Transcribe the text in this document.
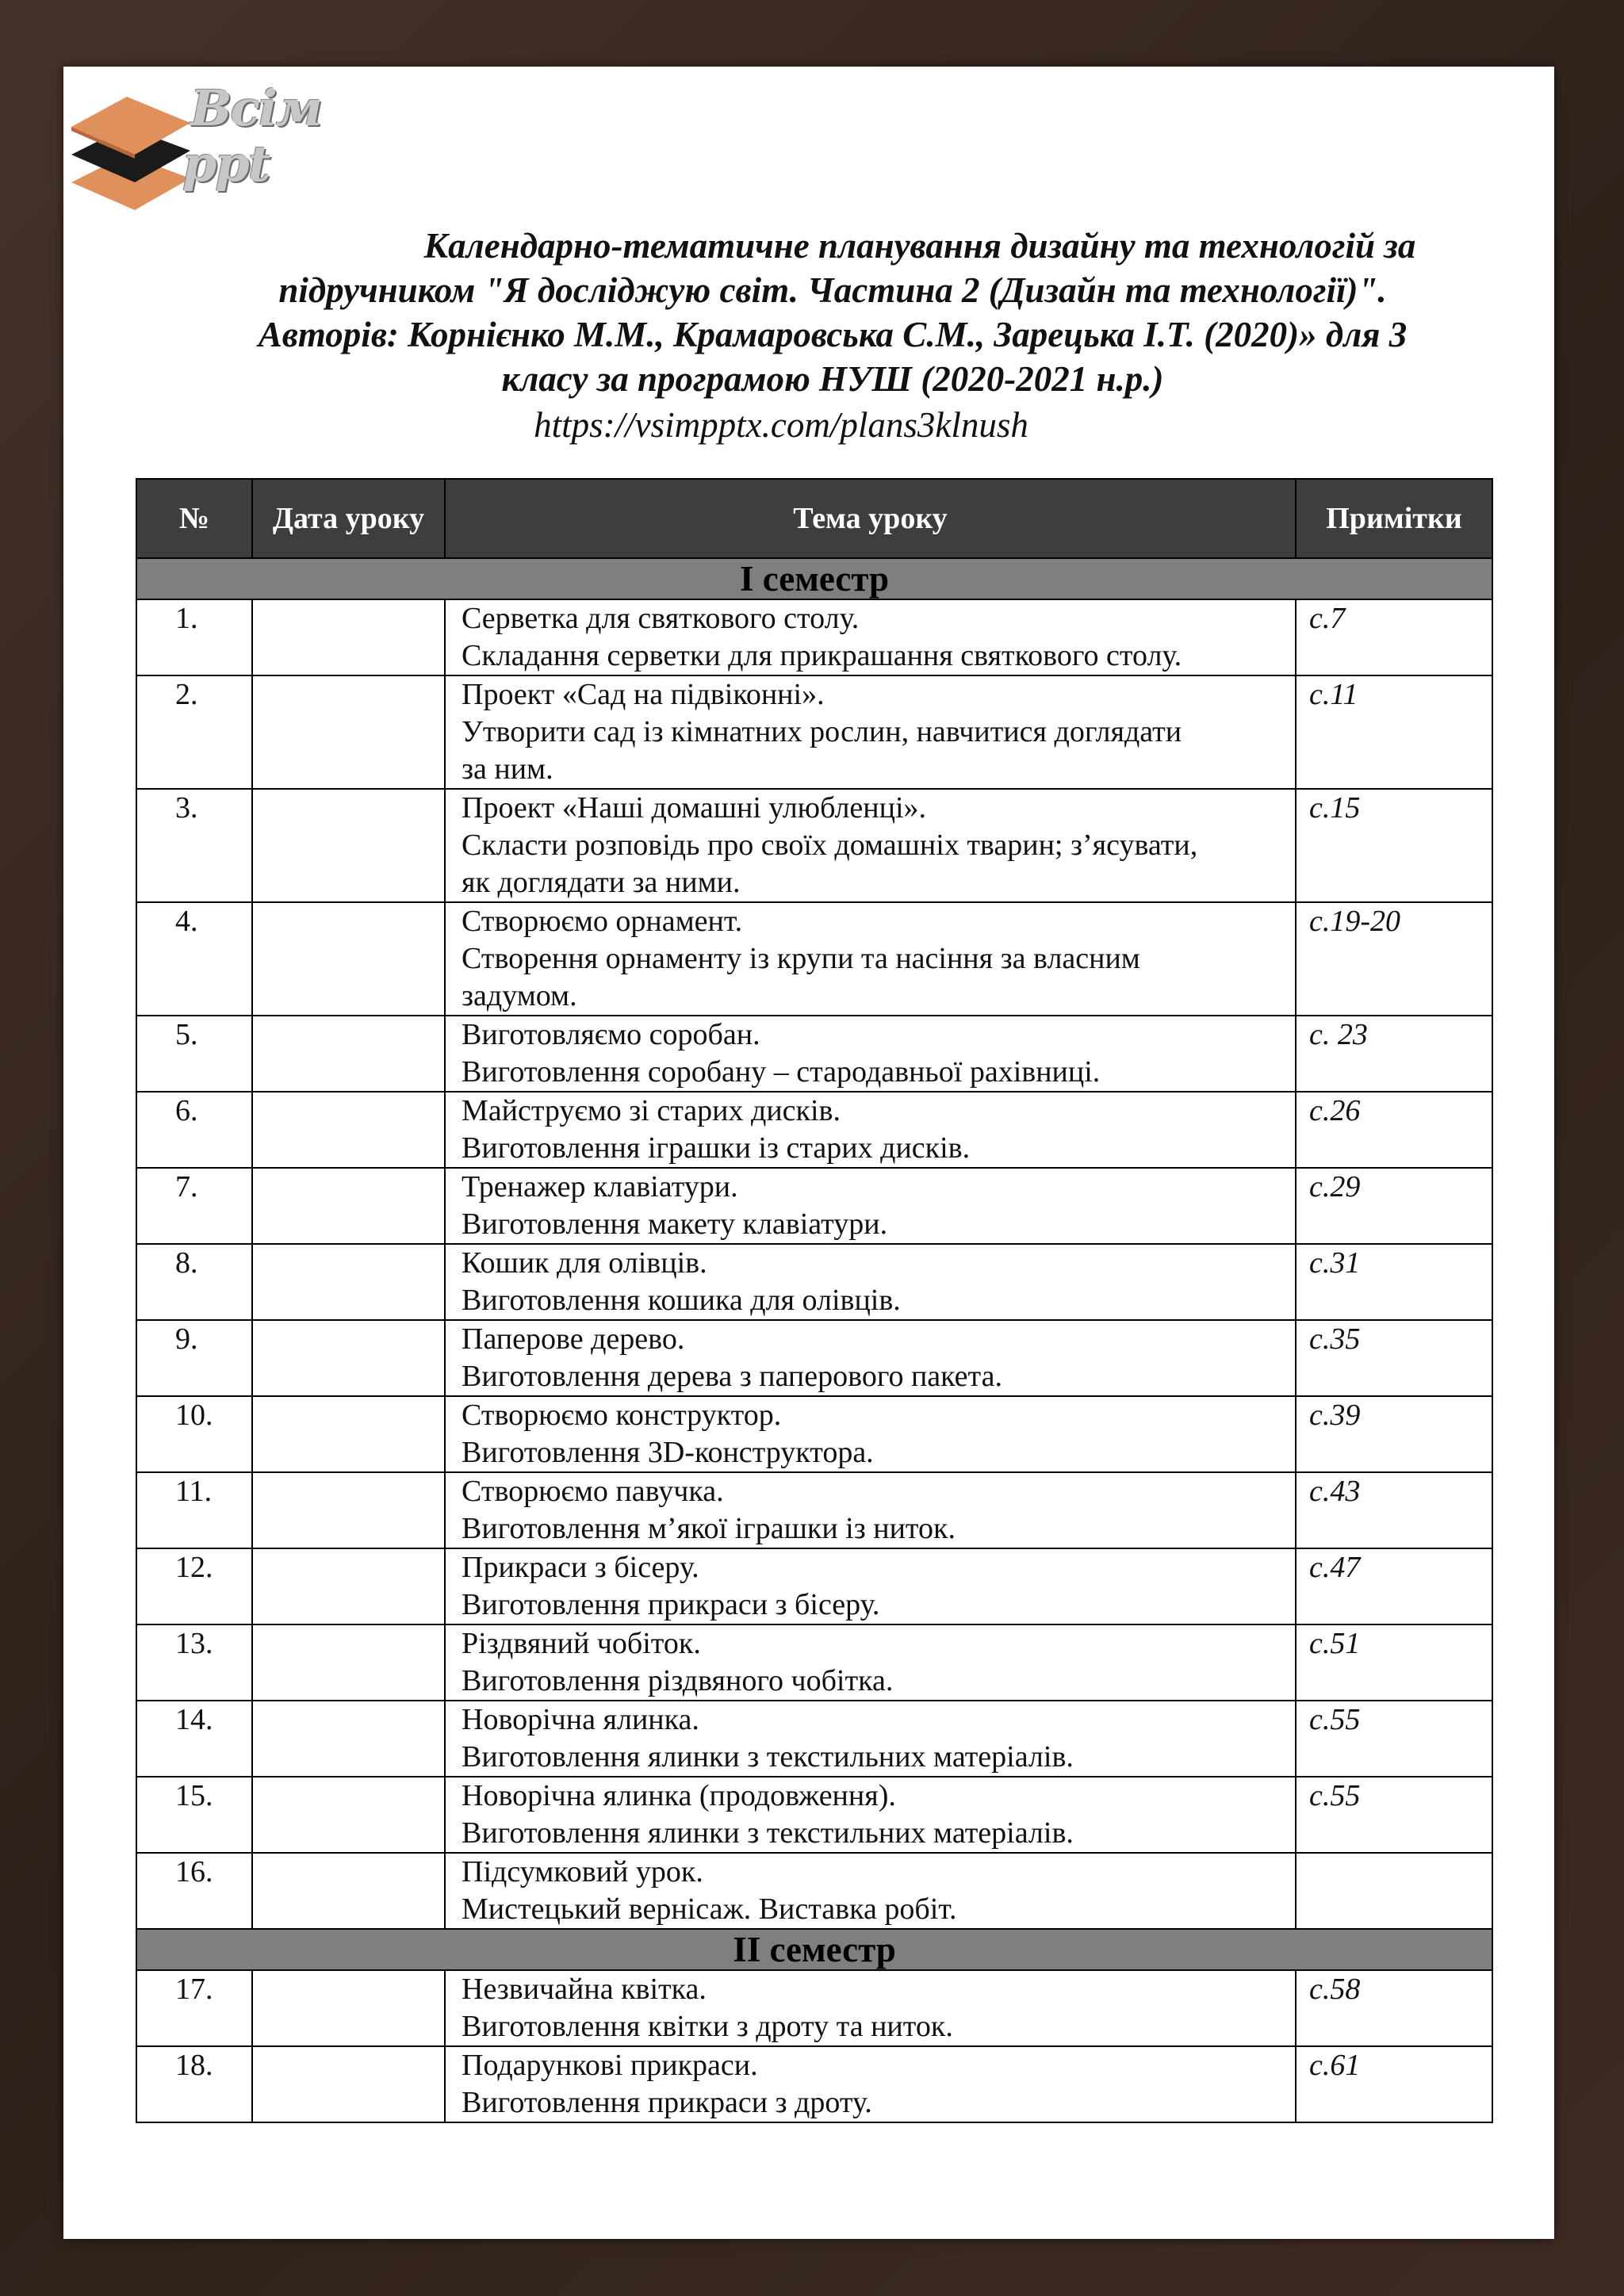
Всім
ppt
Календарно-тематичне планування дизайну та технологій за
підручником "Я досліджую світ. Частина 2 (Дизайн та технології)".
Авторів: Корнієнко М.М., Крамаровська С.М., Зарецька І.Т. (2020)» для 3
класу за програмою НУШ (2020-2021 н.р.)
https://vsimpptx.com/plans3klnush
№	Дата уроку	Тема уроку	Примітки
І семестр			
1.		Серветка для святкового столу.
Складання серветки для прикрашання святкового столу.	с.7
2.		Проект «Сад на підвіконні».
Утворити сад із кімнатних рослин, навчитися доглядати
за ним.	с.11
3.		Проект «Наші домашні улюбленці».
Скласти розповідь про своїх домашніх тварин; з’ясувати,
як доглядати за ними.	с.15
4.		Створюємо орнамент.
Створення орнаменту із крупи та насіння за власним
задумом.	с.19-20
5.		Виготовляємо соробан.
Виготовлення соробану – стародавньої рахівниці.	с. 23
6.		Майструємо зі старих дисків.
Виготовлення іграшки із старих дисків.	с.26
7.		Тренажер клавіатури.
Виготовлення макету клавіатури.	с.29
8.		Кошик для олівців.
Виготовлення кошика для олівців.	с.31
9.		Паперове дерево.
Виготовлення дерева з паперового пакета.	с.35
10.		Створюємо конструктор.
Виготовлення 3D-конструктора.	с.39
11.		Створюємо павучка.
Виготовлення м’якої іграшки із ниток.	с.43
12.		Прикраси з бісеру.
Виготовлення прикраси з бісеру.	с.47
13.		Різдвяний чобіток.
Виготовлення різдвяного чобітка.	с.51
14.		Новорічна ялинка.
Виготовлення ялинки з текстильних матеріалів.	с.55
15.		Новорічна ялинка (продовження).
Виготовлення ялинки з текстильних матеріалів.	с.55
16.		Підсумковий урок.
Мистецький вернісаж. Виставка робіт.	

ІІ семестр			
17.		Незвичайна квітка.
Виготовлення квітки з дроту та ниток.	с.58
18.		Подарункові прикраси.
Виготовлення прикраси з дроту.	с.61
